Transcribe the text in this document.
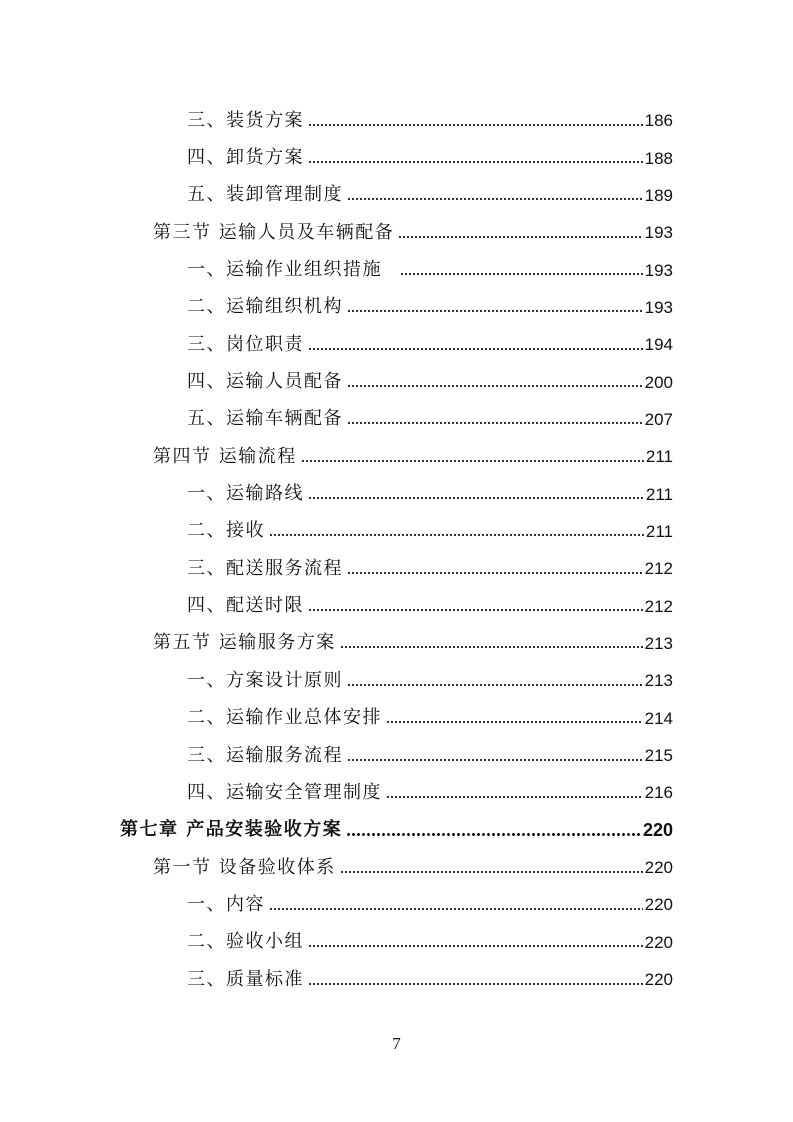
三、装货方案	186
四、卸货方案	188
五、装卸管理制度	189
第三节 运输人员及车辆配备	193
一、运输作业组织措施	193
二、运输组织机构	193
三、岗位职责	194
四、运输人员配备	200
五、运输车辆配备	207
第四节 运输流程	211
一、运输路线	211
二、接收	211
三、配送服务流程	212
四、配送时限	212
第五节 运输服务方案	213
一、方案设计原则	213
二、运输作业总体安排	214
三、运输服务流程	215
四、运输安全管理制度	216
第七章 产品安装验收方案	220
第一节 设备验收体系	220
一、内容	220
二、验收小组	220
三、质量标准	220
7
